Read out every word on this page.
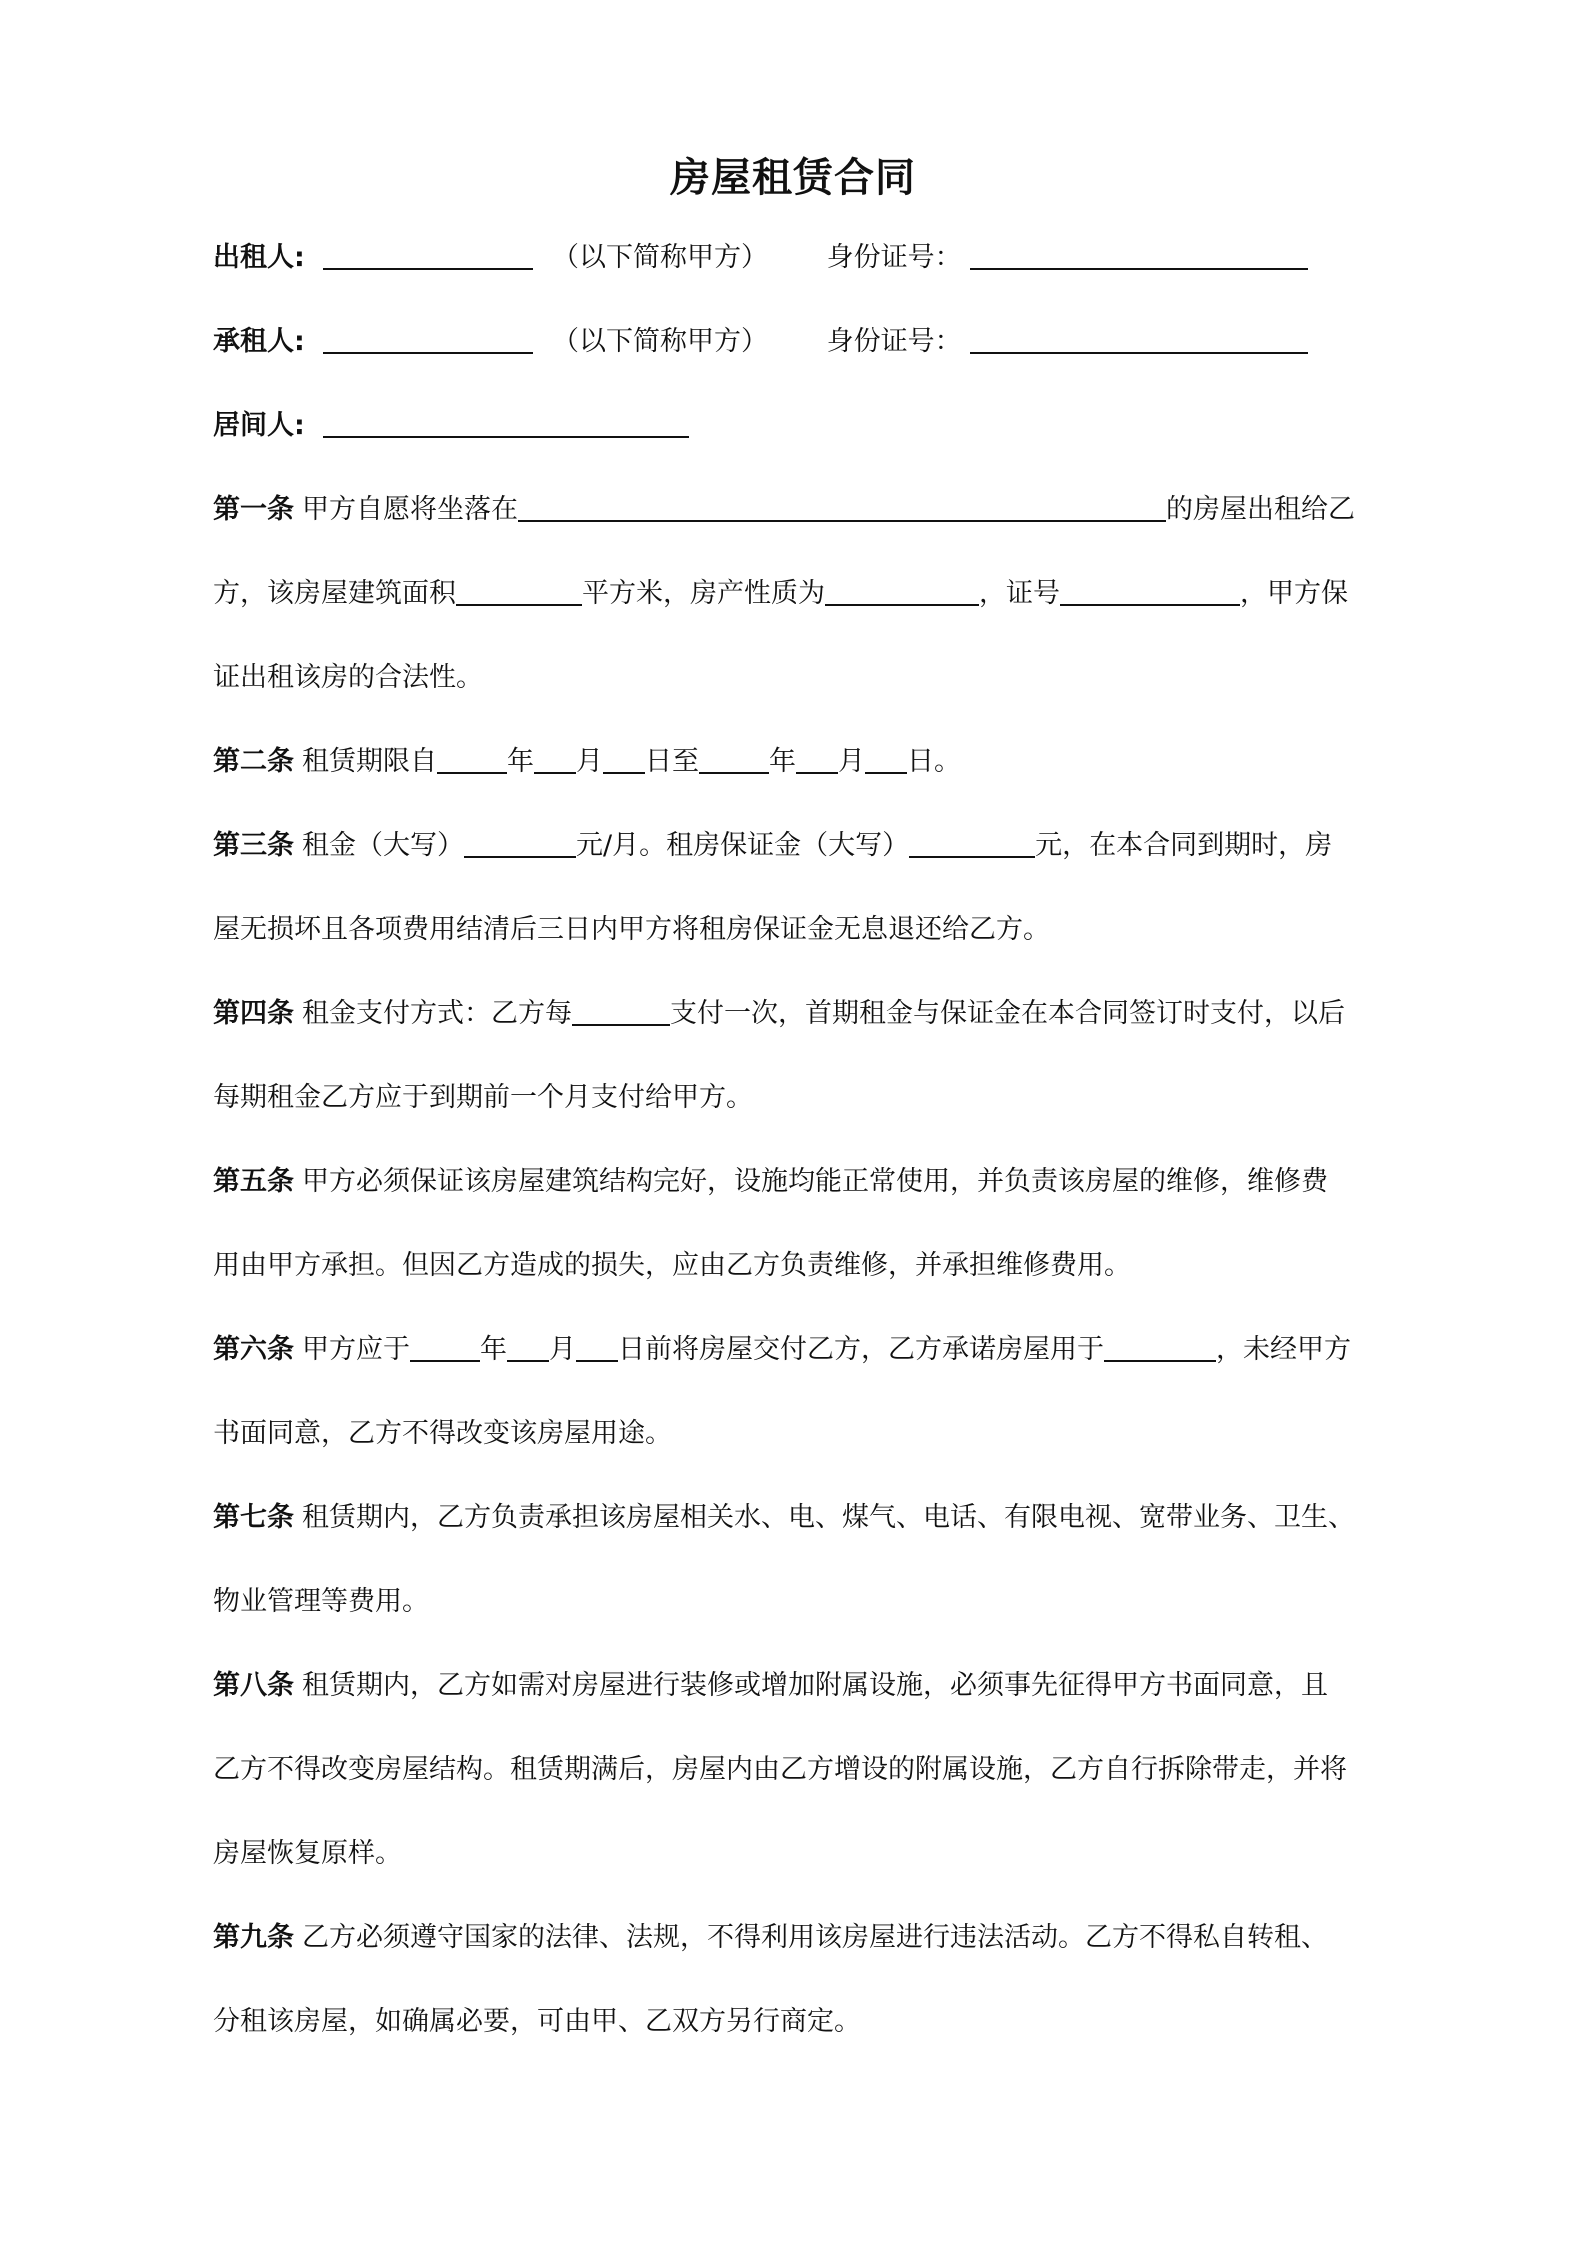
房屋租赁合同
出租人:	（以下简称甲方） 身份证号：
承租人:	（以下简称甲方） 身份证号：
居间人:
第一条 甲方自愿将坐落在	的房屋出租给乙
方，该房屋建筑面积	平方米，房产性质为	，证号	，甲方保
证出租该房的合法性。
第二条 租赁期限自	年 月 日至	年 月 日。
第三条 租金（大写）	元/月。租房保证金（大写）	元，在本合同到期时，房
屋无损坏且各项费用结清后三日内甲方将租房保证金无息退还给乙方。
第四条 租金支付方式：乙方每	支付一次，首期租金与保证金在本合同签订时支付，以后
每期租金乙方应于到期前一个月支付给甲方。
第五条 甲方必须保证该房屋建筑结构完好，设施均能正常使用，并负责该房屋的维修，维修费
用由甲方承担。但因乙方造成的损失，应由乙方负责维修，并承担维修费用。
第六条 甲方应于	年 月 日前将房屋交付乙方，乙方承诺房屋用于	，未经甲方
书面同意，乙方不得改变该房屋用途。
第七条 租赁期内，乙方负责承担该房屋相关水、电、煤气、电话、有限电视、宽带业务、卫生、
物业管理等费用。
第八条 租赁期内，乙方如需对房屋进行装修或增加附属设施，必须事先征得甲方书面同意，且
乙方不得改变房屋结构。租赁期满后，房屋内由乙方增设的附属设施，乙方自行拆除带走，并将
房屋恢复原样。
第九条 乙方必须遵守国家的法律、法规，不得利用该房屋进行违法活动。乙方不得私自转租、
分租该房屋，如确属必要，可由甲、乙双方另行商定。
